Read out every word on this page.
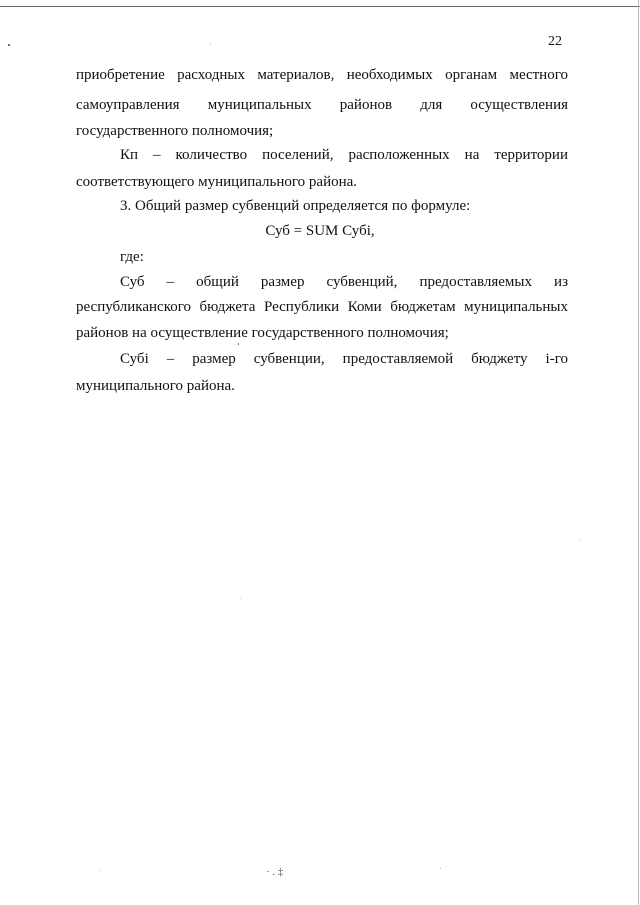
22
приобретение расходных материалов, необходимых органам местного
самоуправления муниципальных районов для осуществления
государственного полномочия;
Кп – количество поселений, расположенных на территории
соответствующего муниципального района.
3. Общий размер субвенций определяется по формуле:
Суб = SUM Субi,
где:
Суб – общий размер субвенций, предоставляемых из
республиканского бюджета Республики Коми бюджетам муниципальных
районов на осуществление государственного полномочия;
Субi – размер субвенции, предоставляемой бюджету i-го
муниципального района.
· . ‡
